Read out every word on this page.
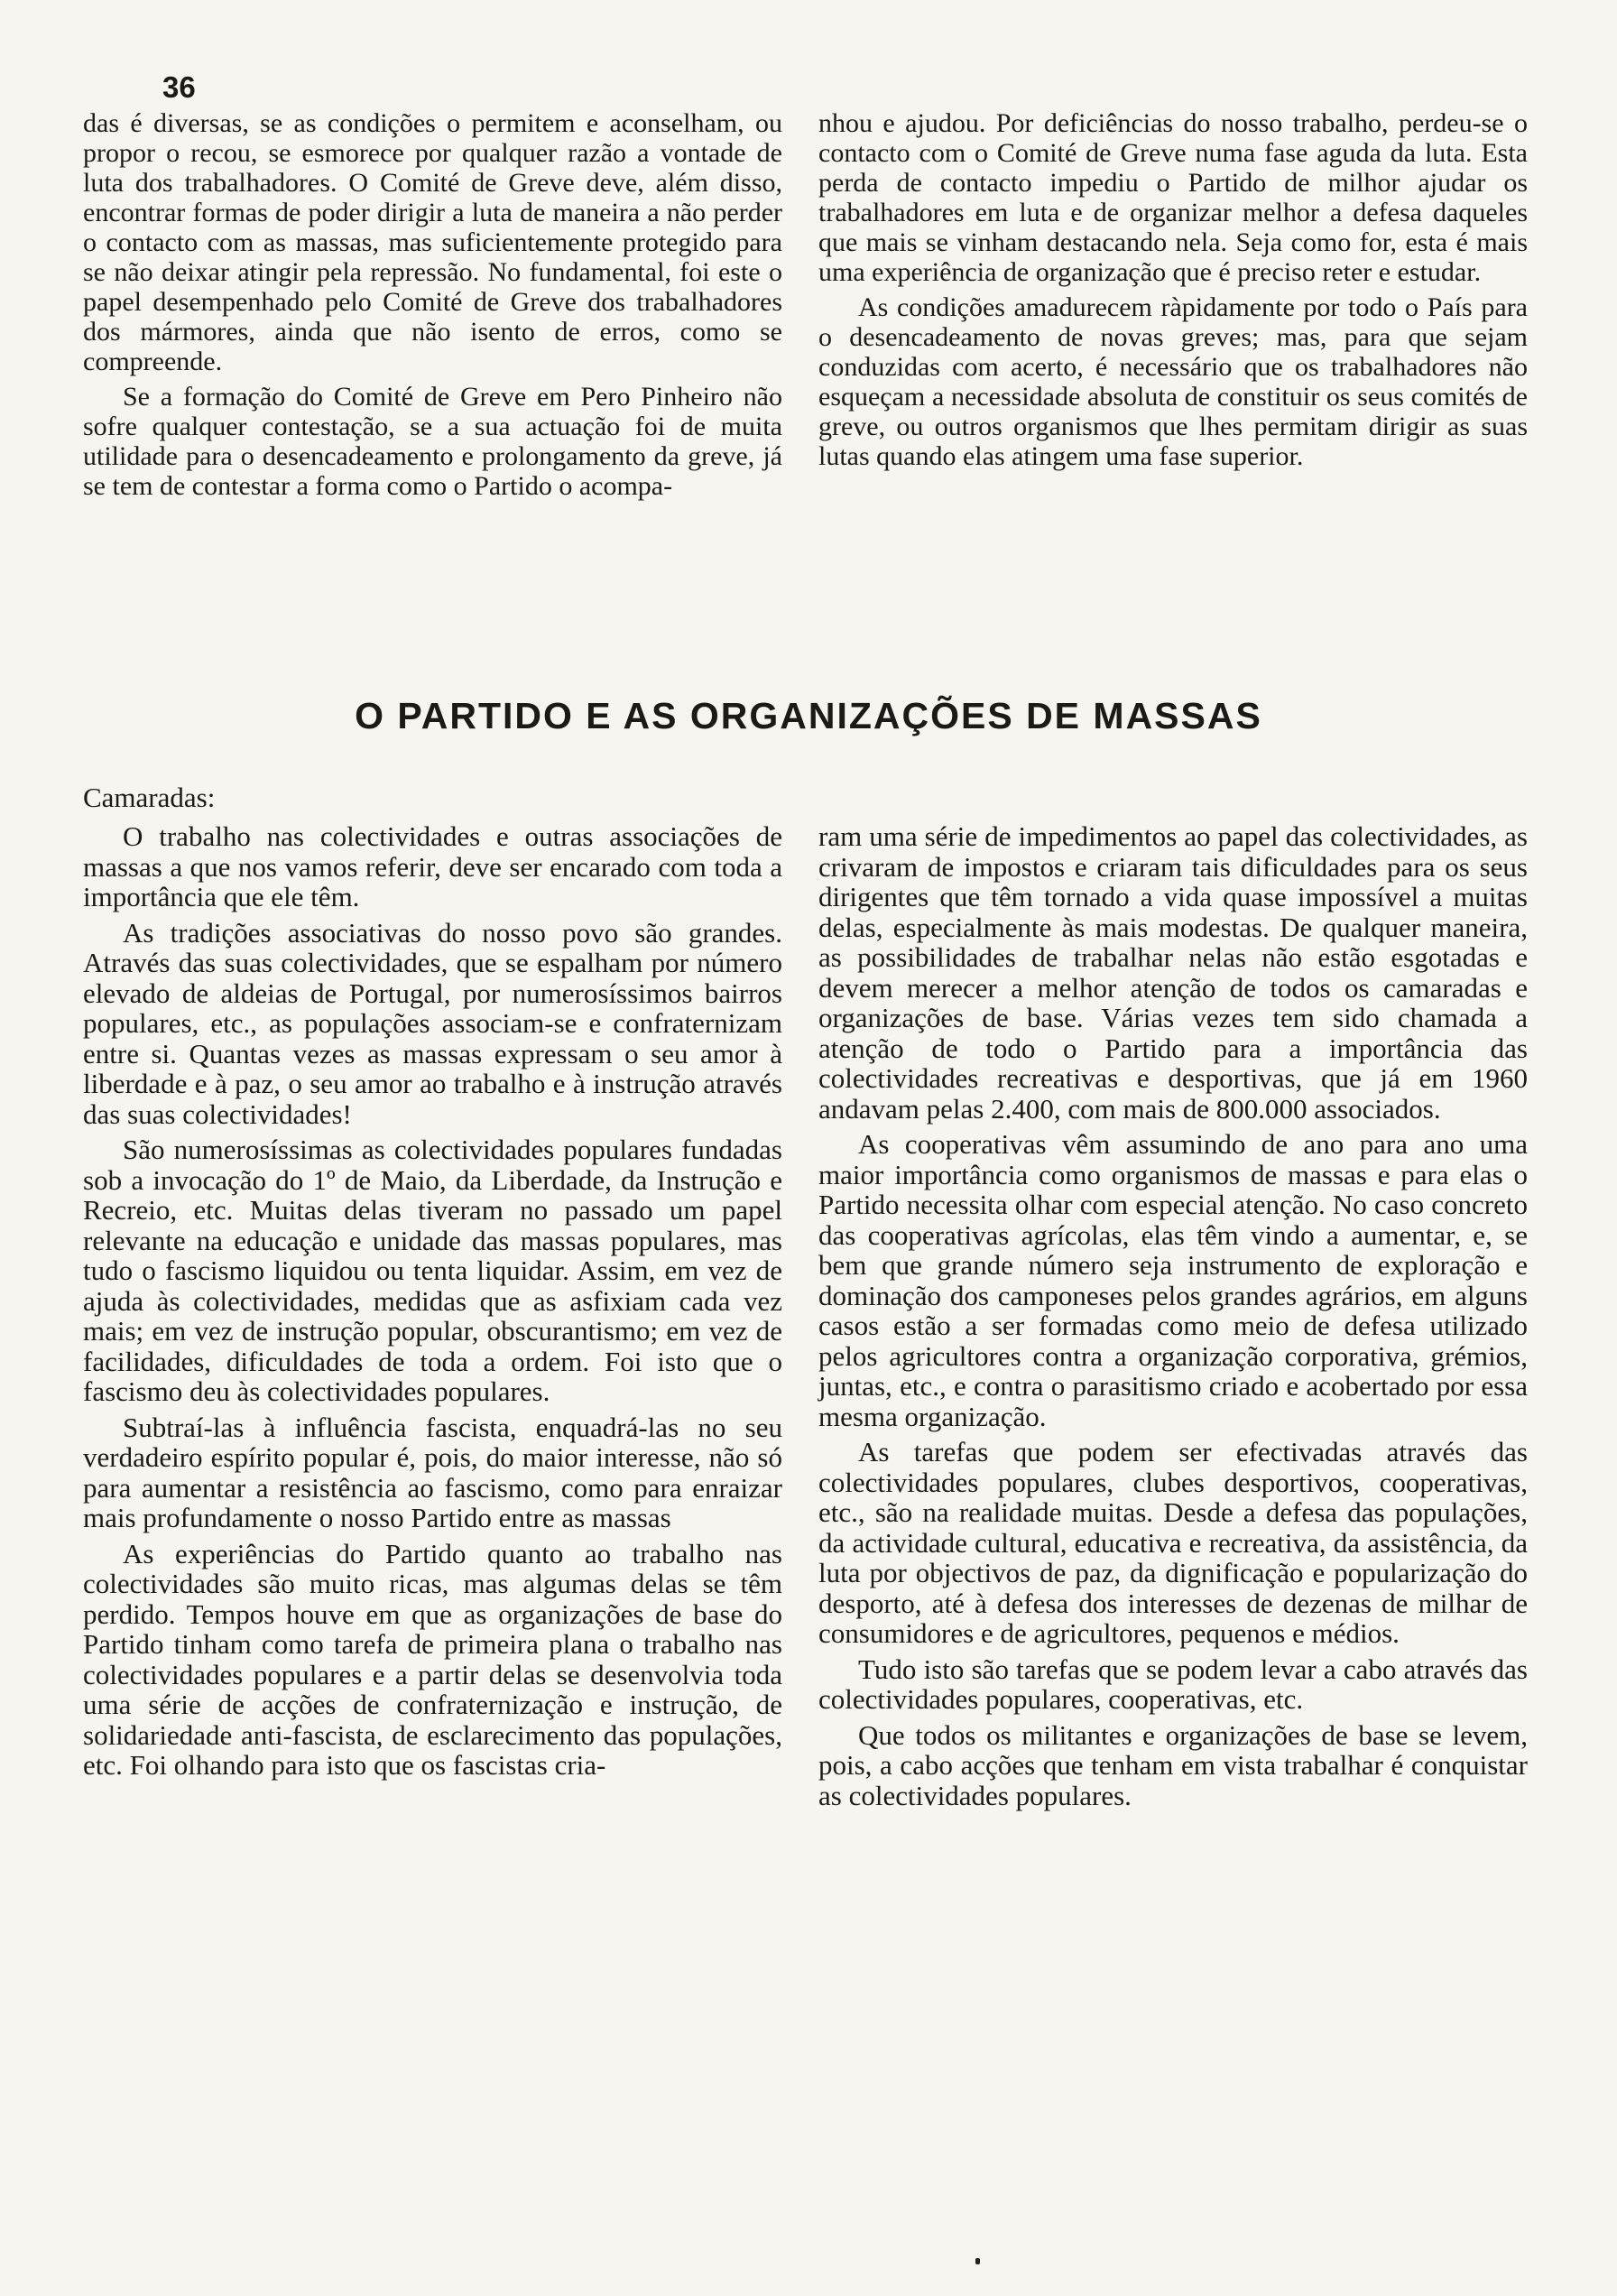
36

das é diversas, se as condições o permitem e aconselham, ou propor o recou, se esmorece por qualquer razão a vontade de luta dos trabalhadores. O Comité de Greve deve, além disso, encontrar formas de poder dirigir a luta de maneira a não perder o contacto com as massas, mas suficientemente protegido para se não deixar atingir pela repressão. No fundamental, foi este o papel desempenhado pelo Comité de Greve dos trabalhadores dos mármores, ainda que não isento de erros, como se compreende.

Se a formação do Comité de Greve em Pero Pinheiro não sofre qualquer contestação, se a sua actuação foi de muita utilidade para o desencadeamento e prolongamento da greve, já se tem de contestar a forma como o Partido o acompa-

nhou e ajudou. Por deficiências do nosso trabalho, perdeu-se o contacto com o Comité de Greve numa fase aguda da luta. Esta perda de contacto impediu o Partido de milhor ajudar os trabalhadores em luta e de organizar melhor a defesa daqueles que mais se vinham destacando nela. Seja como for, esta é mais uma experiência de organização que é preciso reter e estudar.

As condições amadurecem ràpidamente por todo o País para o desencadeamento de novas greves; mas, para que sejam conduzidas com acerto, é necessário que os trabalhadores não esqueçam a necessidade absoluta de constituir os seus comités de greve, ou outros organismos que lhes permitam dirigir as suas lutas quando elas atingem uma fase superior.

O PARTIDO E AS ORGANIZAÇÕES DE MASSAS
Camaradas:

O trabalho nas colectividades e outras associações de massas a que nos vamos referir, deve ser encarado com toda a importância que ele têm.

As tradições associativas do nosso povo são grandes. Através das suas colectividades, que se espalham por número elevado de aldeias de Portugal, por numerosíssimos bairros populares, etc., as populações associam-se e confraternizam entre si. Quantas vezes as massas expressam o seu amor à liberdade e à paz, o seu amor ao trabalho e à instrução através das suas colectividades!

São numerosíssimas as colectividades populares fundadas sob a invocação do 1º de Maio, da Liberdade, da Instrução e Recreio, etc. Muitas delas tiveram no passado um papel relevante na educação e unidade das massas populares, mas tudo o fascismo liquidou ou tenta liquidar. Assim, em vez de ajuda às colectividades, medidas que as asfixiam cada vez mais; em vez de instrução popular, obscurantismo; em vez de facilidades, dificuldades de toda a ordem. Foi isto que o fascismo deu às colectividades populares.

Subtraí-las à influência fascista, enquadrá-las no seu verdadeiro espírito popular é, pois, do maior interesse, não só para aumentar a resistência ao fascismo, como para enraizar mais profundamente o nosso Partido entre as massas

As experiências do Partido quanto ao trabalho nas colectividades são muito ricas, mas algumas delas se têm perdido. Tempos houve em que as organizações de base do Partido tinham como tarefa de primeira plana o trabalho nas colectividades populares e a partir delas se desenvolvia toda uma série de acções de confraternização e instrução, de solidariedade anti-fascista, de esclarecimento das populações, etc. Foi olhando para isto que os fascistas cria-

ram uma série de impedimentos ao papel das colectividades, as crivaram de impostos e criaram tais dificuldades para os seus dirigentes que têm tornado a vida quase impossível a muitas delas, especialmente às mais modestas. De qualquer maneira, as possibilidades de trabalhar nelas não estão esgotadas e devem merecer a melhor atenção de todos os camaradas e organizações de base. Várias vezes tem sido chamada a atenção de todo o Partido para a importância das colectividades recreativas e desportivas, que já em 1960 andavam pelas 2.400, com mais de 800.000 associados.

As cooperativas vêm assumindo de ano para ano uma maior importância como organismos de massas e para elas o Partido necessita olhar com especial atenção. No caso concreto das cooperativas agrícolas, elas têm vindo a aumentar, e, se bem que grande número seja instrumento de exploração e dominação dos camponeses pelos grandes agrários, em alguns casos estão a ser formadas como meio de defesa utilizado pelos agricultores contra a organização corporativa, grémios, juntas, etc., e contra o parasitismo criado e acobertado por essa mesma organização.

As tarefas que podem ser efectivadas através das colectividades populares, clubes desportivos, cooperativas, etc., são na realidade muitas. Desde a defesa das populações, da actividade cultural, educativa e recreativa, da assistência, da luta por objectivos de paz, da dignificação e popularização do desporto, até à defesa dos interesses de dezenas de milhar de consumidores e de agricultores, pequenos e médios.

Tudo isto são tarefas que se podem levar a cabo através das colectividades populares, cooperativas, etc.

Que todos os militantes e organizações de base se levem, pois, a cabo acções que tenham em vista trabalhar é conquistar as colectividades populares.
